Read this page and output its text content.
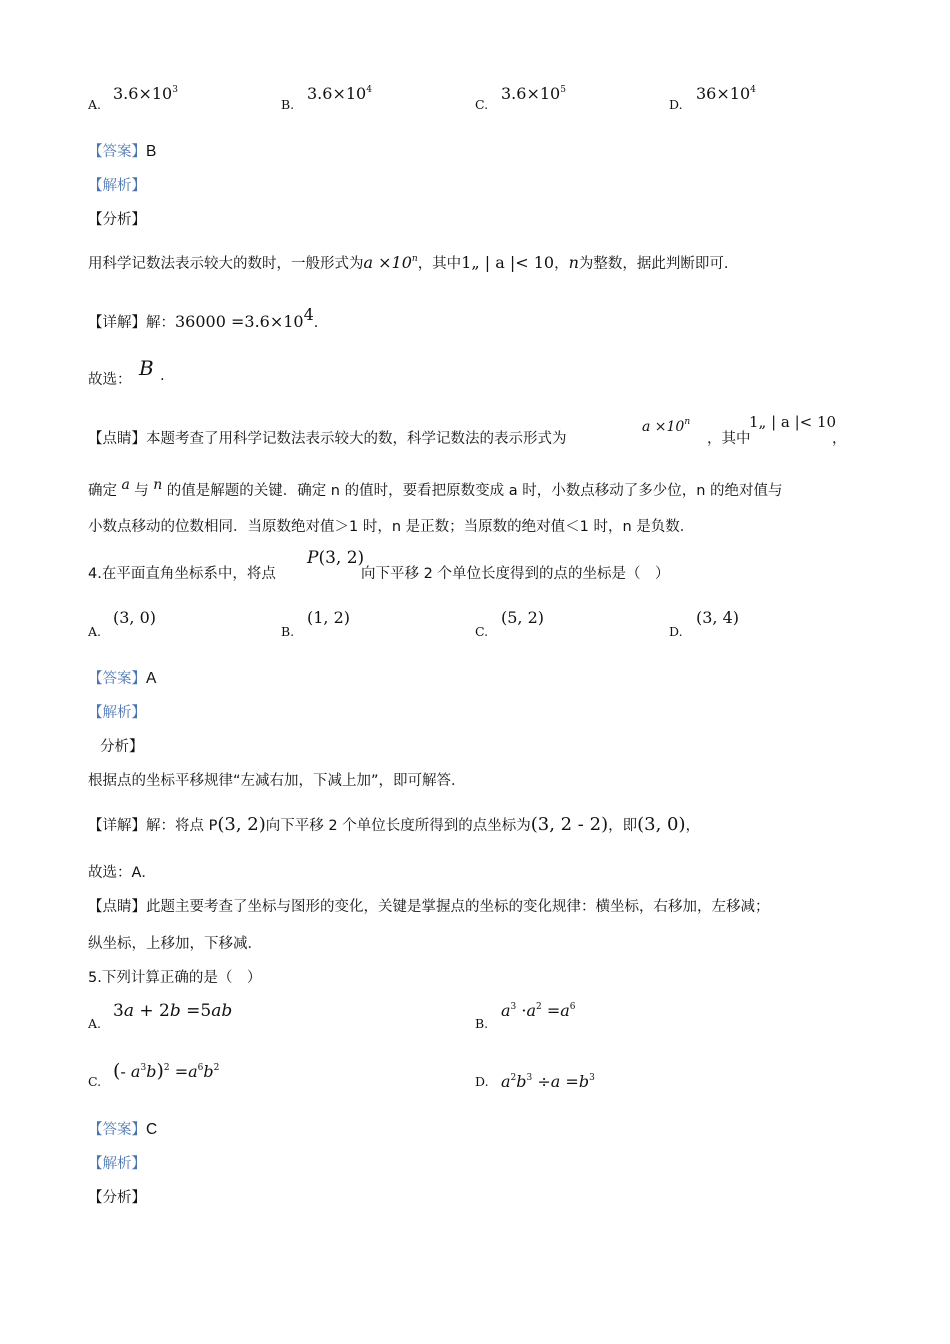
A.
$3.6\times 10^3$
B.
$3.6\times 10^4$
C.
$3.6\times 10^5$
D.
$36\times 10^4$
【答案】B
【解析】
【分析】
用科学记数法表示较大的数时，一般形式为$a \times 10^n$，其中1„ | a |< 10，n为整数，据此判断即可.
【详解】解：$36000 =3.6\times 10^4$.
故选： B .
【点睛】本题考查了用科学记数法表示较大的数，科学记数法的表示形式为
$a \times 10^n$
，其中
1„ | a |< 10
，
确定 a 与 n 的值是解题的关键．确定 n 的值时，要看把原数变成 a 时，小数点移动了多少位，n 的绝对值与
小数点移动的位数相同．当原数绝对值＞1 时，n 是正数；当原数的绝对值＜1 时，n 是负数．
4.在平面直角坐标系中，将点
P(3, 2)
向下平移 2 个单位长度得到的点的坐标是（　）
A.
(3, 0)
B.
(1, 2)
C.
(5, 2)
D.
(3, 4)
【答案】A
【解析】
分析】
根据点的坐标平移规律“左减右加，下减上加”，即可解答．
【详解】解：将点 P(3, 2)向下平移 2 个单位长度所得到的点坐标为(3, 2 - 2)，即(3, 0)，
故选：A．
【点睛】此题主要考查了坐标与图形的变化，关键是掌握点的坐标的变化规律：横坐标，右移加，左移减；
纵坐标，上移加，下移减．
5.下列计算正确的是（　）
A.
3a + 2b =5ab
B.
$a^3 \cdot a^2 =a^6$
C. (- $a^3b)^2 =a^6b^2$
D. $a^2b^3 \div a =b^3$
【答案】C
【解析】
【分析】
